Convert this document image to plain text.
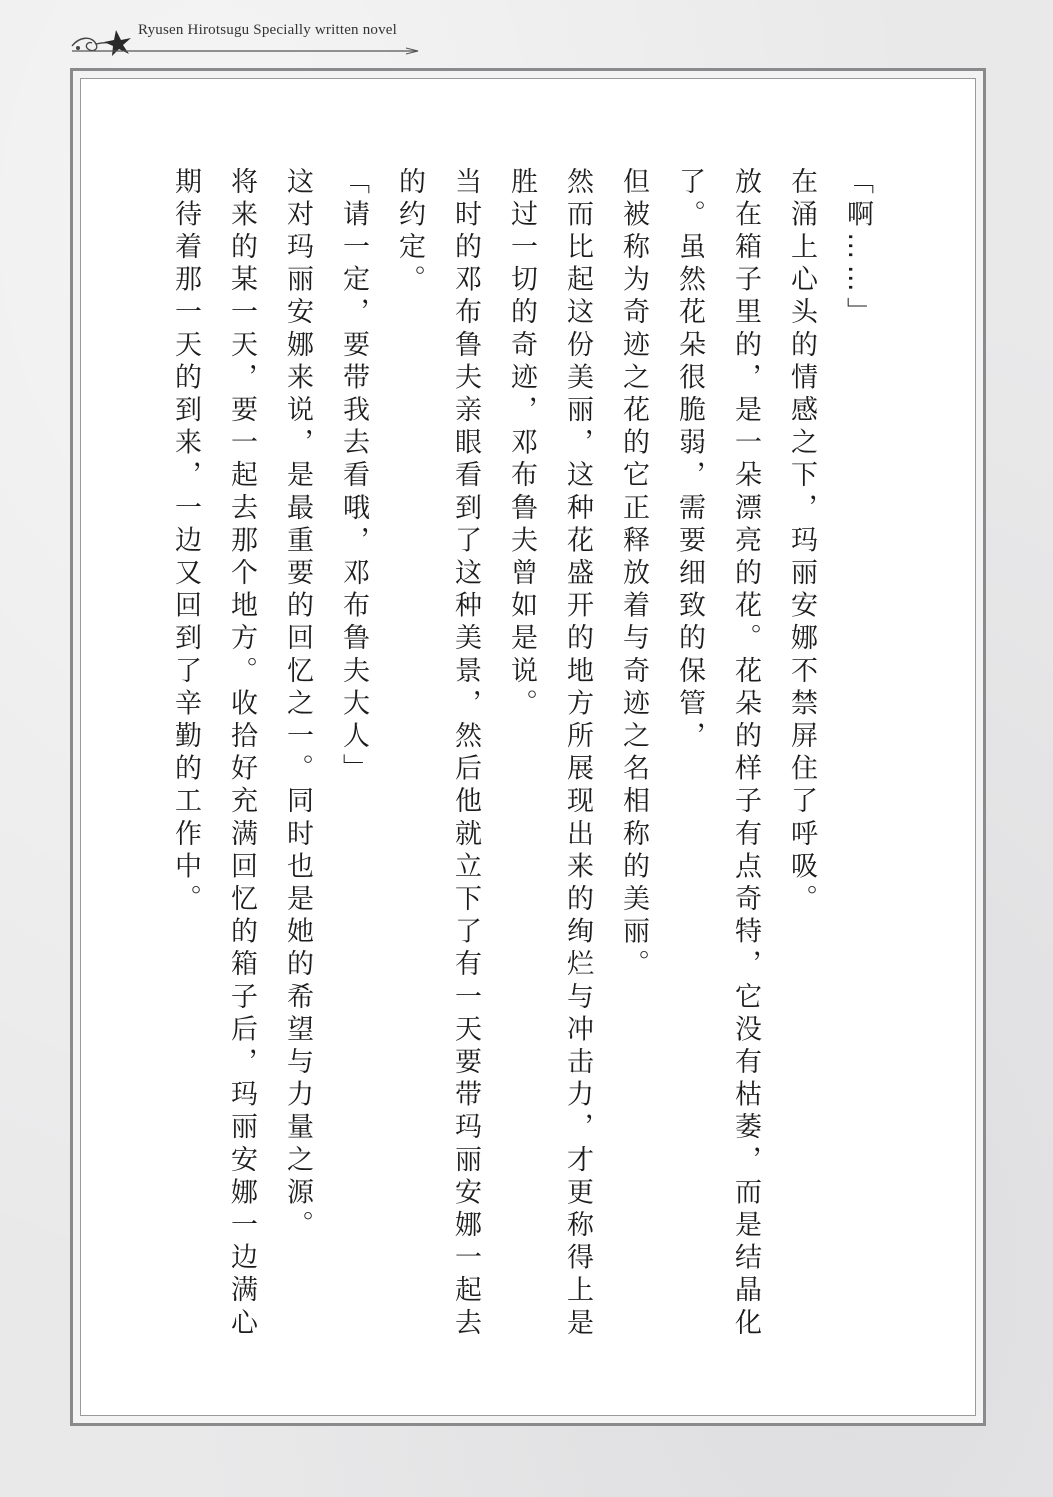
Ryusen Hirotsugu Specially written novel
「啊……」
在涌上心头的情感之下，玛丽安娜不禁屏住了呼吸。
放在箱子里的，是一朵漂亮的花。花朵的样子有点奇特，它没有枯萎，而是结晶化了。虽然花朵很脆弱，需要细致的保管，
但被称为奇迹之花的它正释放着与奇迹之名相称的美丽。
然而比起这份美丽，这种花盛开的地方所展现出来的绚烂与冲击力，才更称得上是胜过一切的奇迹，邓布鲁夫曾如是说。
当时的邓布鲁夫亲眼看到了这种美景，然后他就立下了有一天要带玛丽安娜一起去的约定。
「请一定，要带我去看哦，邓布鲁夫大人」
这对玛丽安娜来说，是最重要的回忆之一。同时也是她的希望与力量之源。
将来的某一天，要一起去那个地方。收拾好充满回忆的箱子后，玛丽安娜一边满心期待着那一天的到来，一边又回到了辛勤的工作中。
